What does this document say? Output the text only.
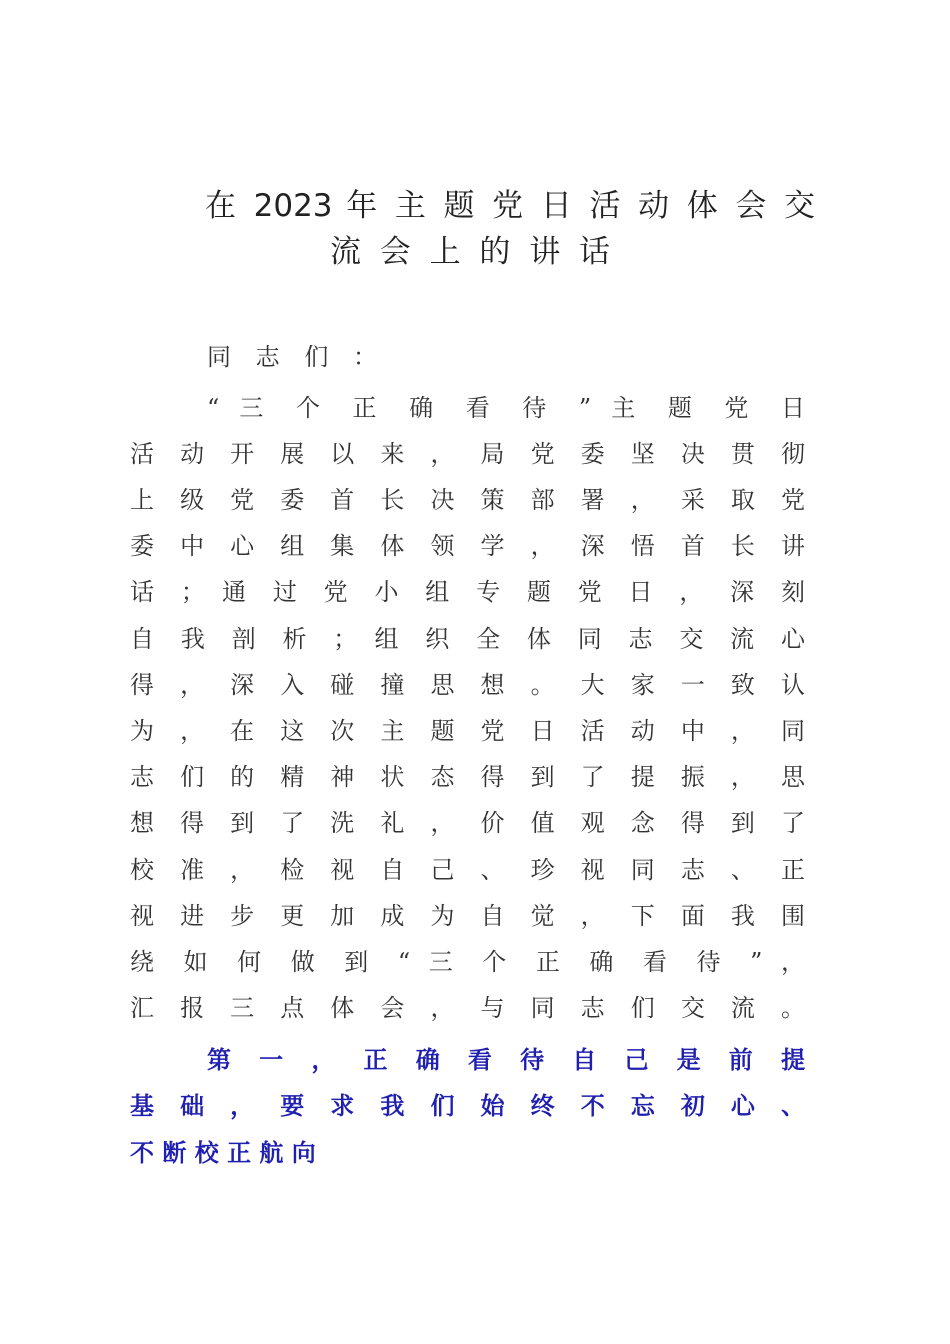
在 2023 年 主 题 党 日 活 动 体 会 交
流 会 上 的 讲 话

同 志 们 ：

“ 三 个 正 确 看 待 ” 主 题 党 日

活 动 开 展 以 来 ， 局 党 委 坚 决 贯 彻

上 级 党 委 首 长 决 策 部 署 ， 采 取 党

委 中 心 组 集 体 领 学 ， 深 悟 首 长 讲

话 ； 通 过 党 小 组 专 题 党 日 ， 深 刻

自 我 剖 析 ； 组 织 全 体 同 志 交 流 心

得 ， 深 入 碰 撞 思 想 。 大 家 一 致 认

为 ， 在 这 次 主 题 党 日 活 动 中 ， 同

志 们 的 精 神 状 态 得 到 了 提 振 ， 思

想 得 到 了 洗 礼 ， 价 值 观 念 得 到 了

校 准 ， 检 视 自 己 、 珍 视 同 志 、 正

视 进 步 更 加 成 为 自 觉 ， 下 面 我 围

绕 如 何 做 到 “ 三 个 正 确 看 待 ” ，

汇 报 三 点 体 会 ， 与 同 志 们 交 流 。

第 一 ， 正 确 看 待 自 己 是 前 提

基 础 ， 要 求 我 们 始 终 不 忘 初 心 、

不 断 校 正 航 向
